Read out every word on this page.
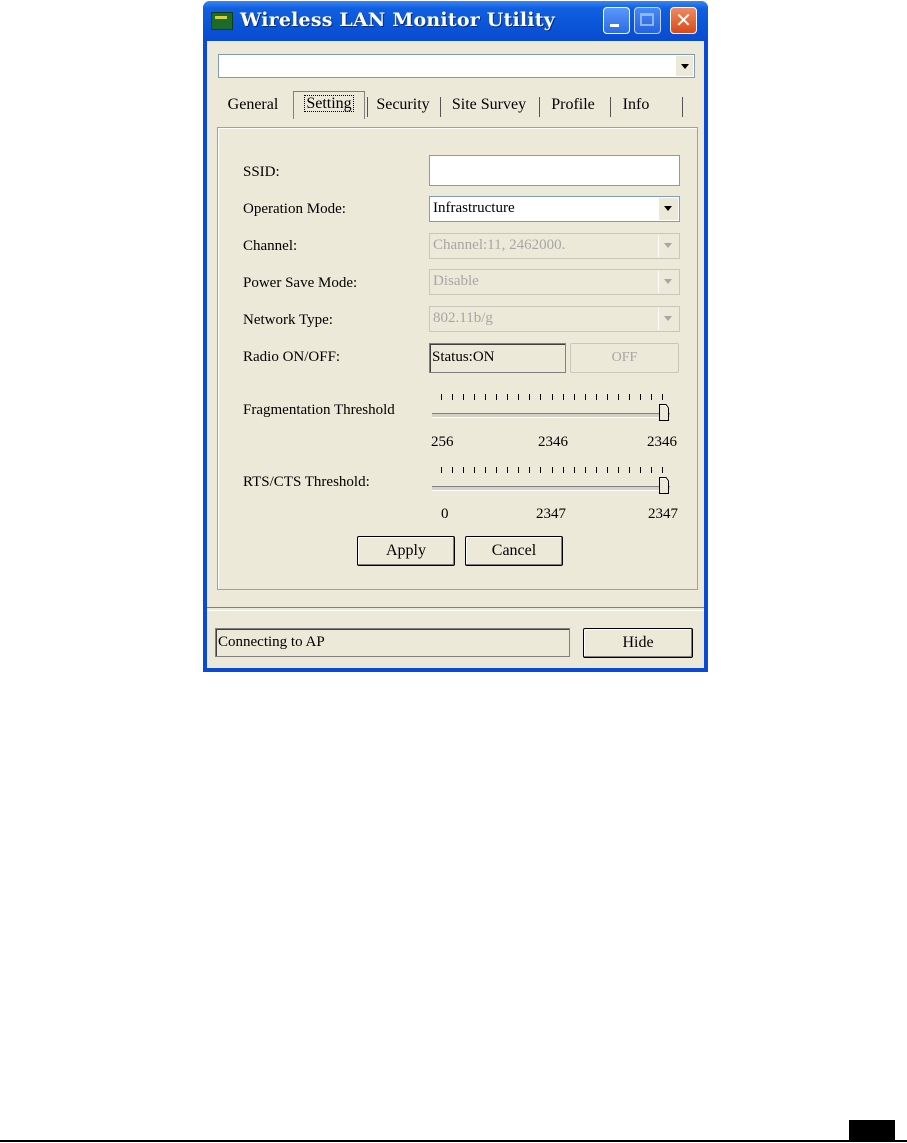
Wireless LAN Monitor Utility	✕
General	Setting	Security	Site Survey	Profile	Info
SSID:
Operation Mode:	Infrastructure
Channel:	Channel:11, 2462000.
Power Save Mode:	Disable
Network Type:	802.11b/g
Radio ON/OFF:	Status:ON	OFF
Fragmentation Threshold
256	2346	2346
RTS/CTS Threshold:
0	2347	2347
Apply	Cancel
Connecting to AP	Hide
